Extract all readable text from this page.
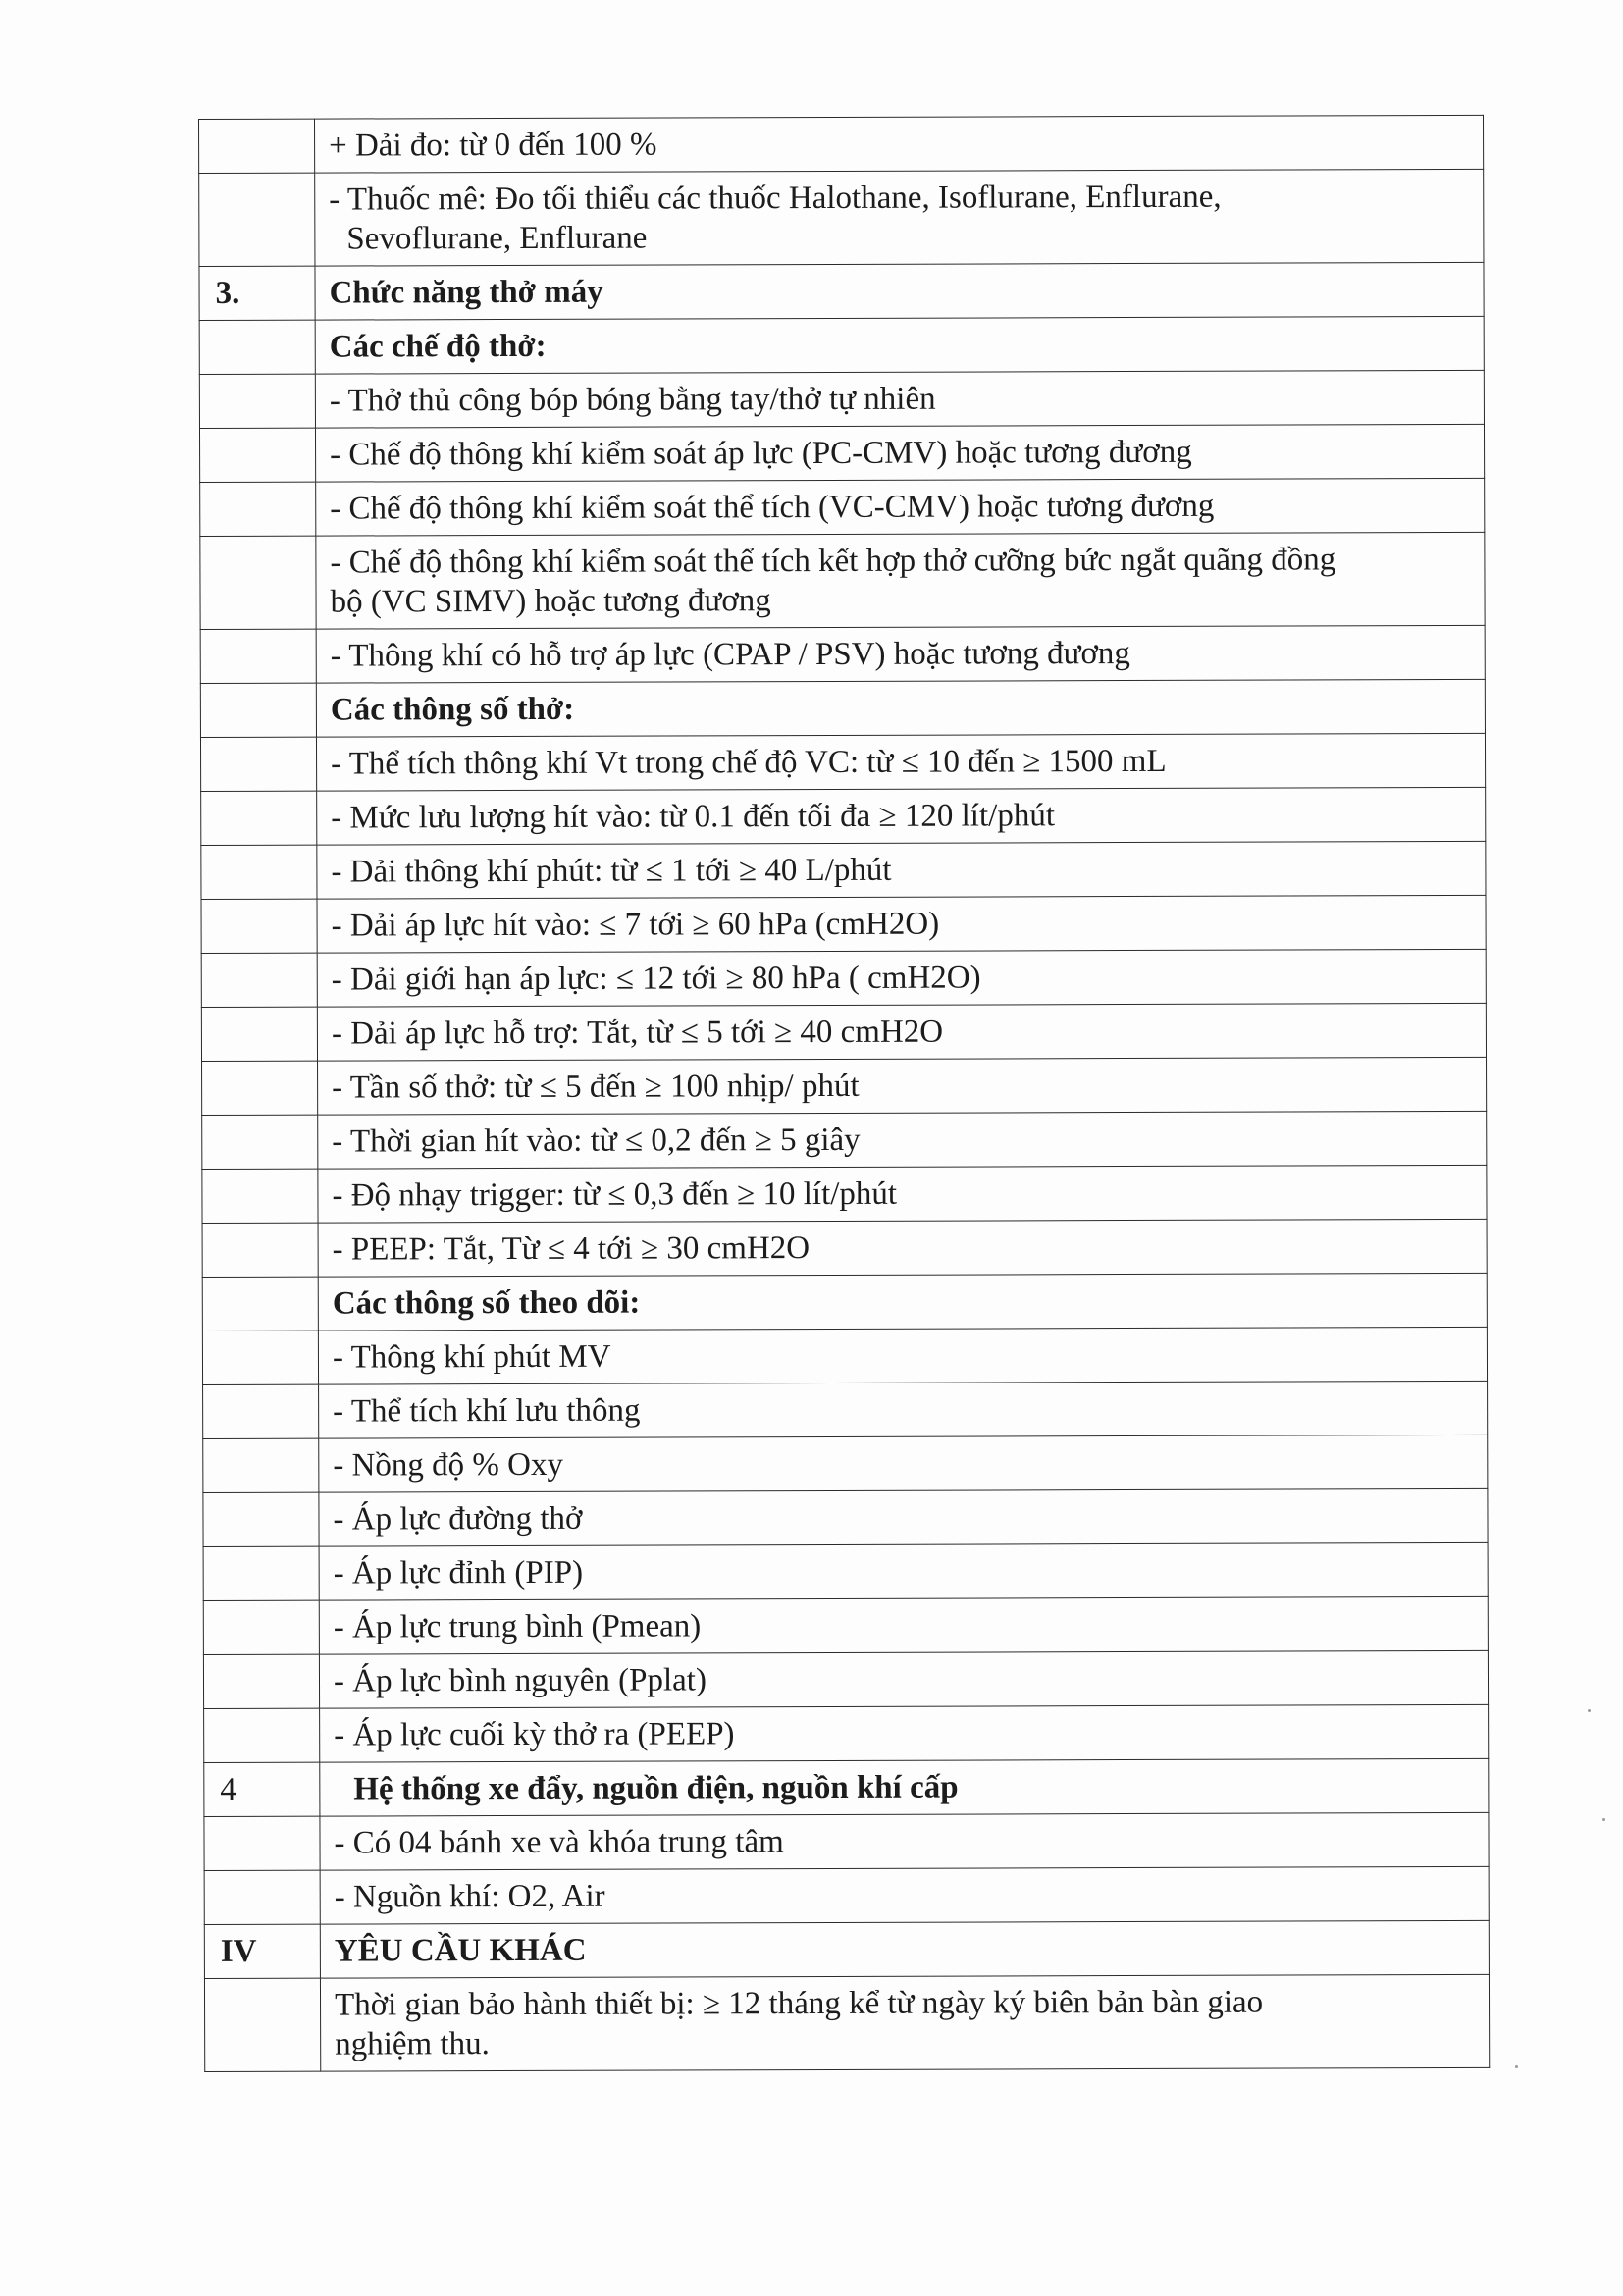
	+ Dải đo: từ 0 đến 100 %

	- Thuốc mê: Đo tối thiểu các thuốc Halothane, Isoflurane, Enflurane,
Sevoflurane, Enflurane

3.	Chức năng thở máy

	Các chế độ thở:

	- Thở thủ công bóp bóng bằng tay/thở tự nhiên

	- Chế độ thông khí kiểm soát áp lực (PC-CMV) hoặc tương đương

	- Chế độ thông khí kiểm soát thể tích (VC-CMV) hoặc tương đương

	- Chế độ thông khí kiểm soát thể tích kết hợp thở cưỡng bức ngắt quãng đồng
bộ (VC SIMV) hoặc tương đương

	- Thông khí có hỗ trợ áp lực (CPAP / PSV) hoặc tương đương

	Các thông số thở:

	- Thể tích thông khí Vt trong chế độ VC: từ ≤ 10 đến ≥ 1500 mL

	- Mức lưu lượng hít vào: từ 0.1 đến tối đa ≥ 120 lít/phút

	- Dải thông khí phút: từ ≤ 1 tới ≥ 40 L/phút

	- Dải áp lực hít vào: ≤ 7 tới ≥ 60 hPa (cmH2O)

	- Dải giới hạn áp lực: ≤ 12 tới ≥ 80 hPa ( cmH2O)

	- Dải áp lực hỗ trợ: Tắt, từ ≤ 5 tới ≥ 40 cmH2O

	- Tần số thở: từ ≤ 5 đến ≥ 100 nhịp/ phút

	- Thời gian hít vào: từ ≤ 0,2 đến ≥ 5 giây

	- Độ nhạy trigger: từ ≤ 0,3 đến ≥ 10 lít/phút

	- PEEP: Tắt, Từ ≤ 4 tới ≥ 30 cmH2O

	Các thông số theo dõi:

	- Thông khí phút MV

	- Thể tích khí lưu thông

	- Nồng độ % Oxy

	- Áp lực đường thở

	- Áp lực đỉnh (PIP)

	- Áp lực trung bình (Pmean)

	- Áp lực bình nguyên (Pplat)

	- Áp lực cuối kỳ thở ra (PEEP)

4	Hệ thống xe đẩy, nguồn điện, nguồn khí cấp

	- Có 04 bánh xe và khóa trung tâm

	- Nguồn khí: O2, Air

IV	YÊU CẦU KHÁC

	Thời gian bảo hành thiết bị: ≥ 12 tháng kể từ ngày ký biên bản bàn giao
nghiệm thu.
